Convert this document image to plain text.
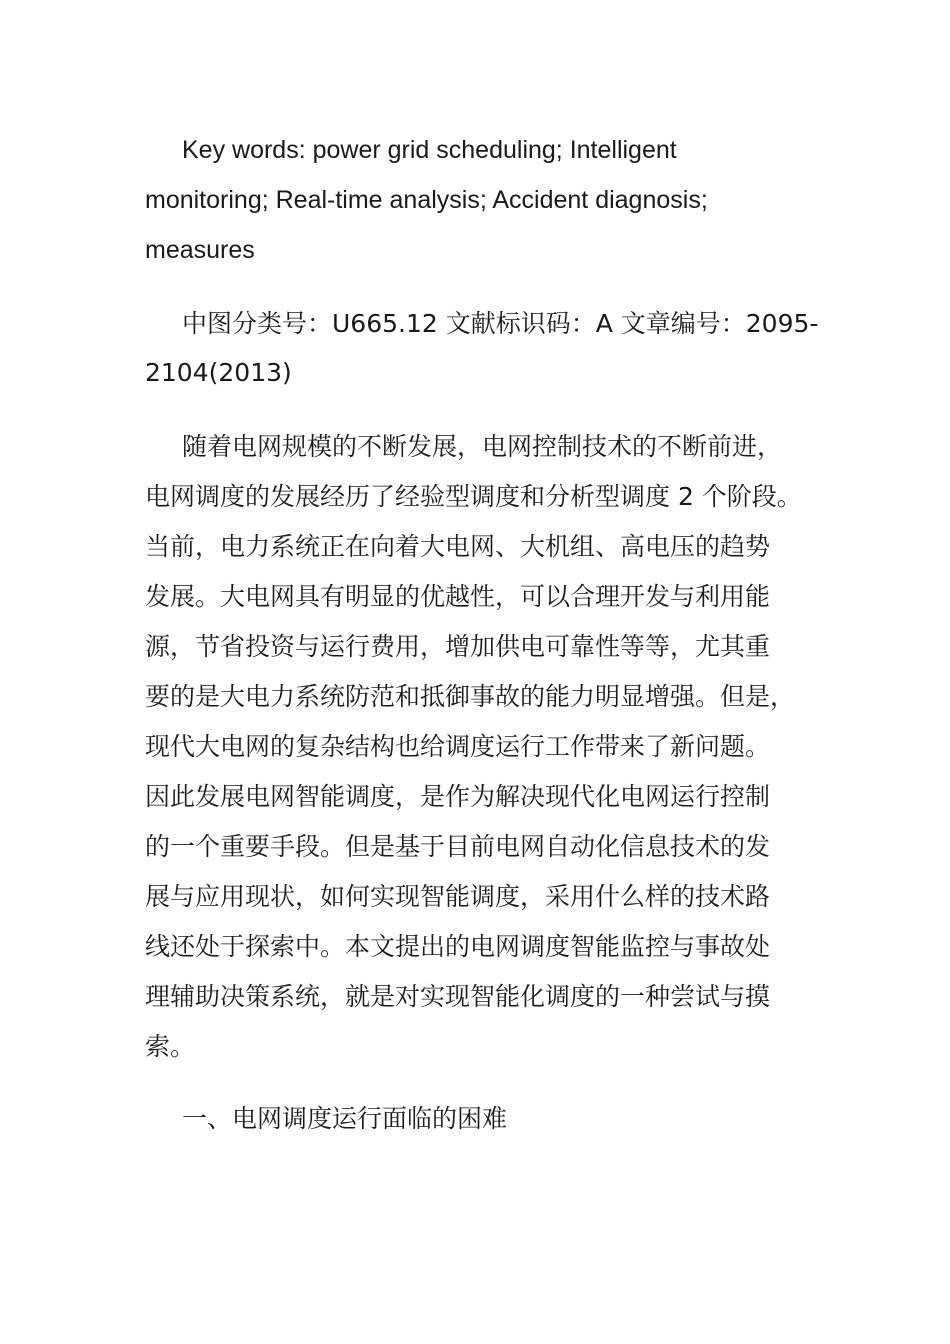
Key words: power grid scheduling; Intelligent
monitoring; Real-time analysis; Accident diagnosis;
measures
中图分类号：U665.12 文献标识码：A 文章编号：2095-
2104(2013)
随着电网规模的不断发展，电网控制技术的不断前进，
电网调度的发展经历了经验型调度和分析型调度 2 个阶段。
当前，电力系统正在向着大电网、大机组、高电压的趋势
发展。大电网具有明显的优越性，可以合理开发与利用能
源，节省投资与运行费用，增加供电可靠性等等，尤其重
要的是大电力系统防范和抵御事故的能力明显增强。但是，
现代大电网的复杂结构也给调度运行工作带来了新问题。
因此发展电网智能调度，是作为解决现代化电网运行控制
的一个重要手段。但是基于目前电网自动化信息技术的发
展与应用现状，如何实现智能调度，采用什么样的技术路
线还处于探索中。本文提出的电网调度智能监控与事故处
理辅助决策系统，就是对实现智能化调度的一种尝试与摸
索。
一、电网调度运行面临的困难
